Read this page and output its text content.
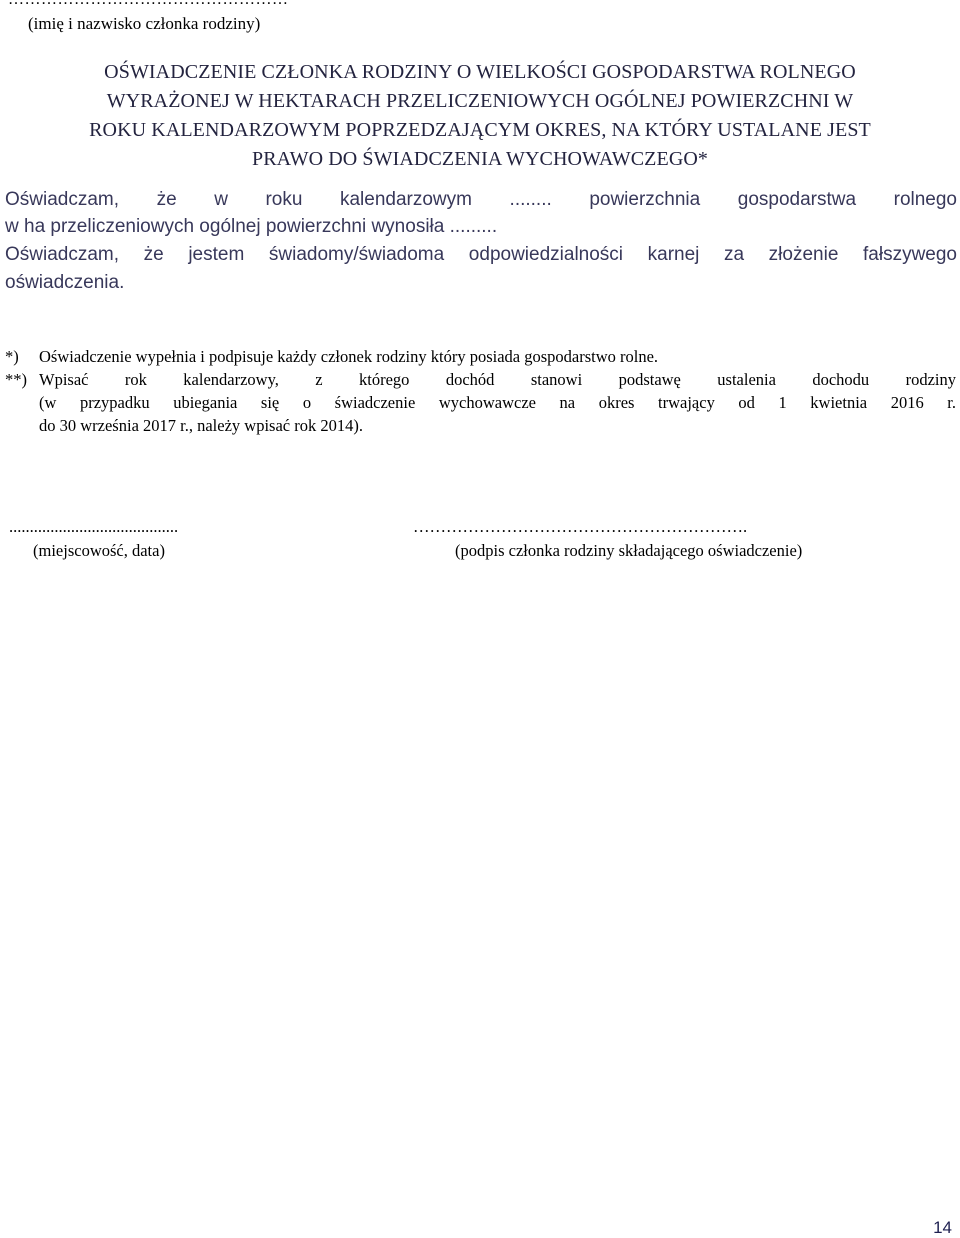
(imię i nazwisko członka rodziny)
OŚWIADCZENIE CZŁONKA RODZINY O WIELKOŚCI GOSPODARSTWA ROLNEGO
WYRAŻONEJ W HEKTARACH PRZELICZENIOWYCH OGÓLNEJ POWIERZCHNI W
ROKU KALENDARZOWYM POPRZEDZAJĄCYM OKRES, NA KTÓRY USTALANE JEST
PRAWO DO ŚWIADCZENIA WYCHOWAWCZEGO*
Oświadczam, że w roku kalendarzowym ........ powierzchnia gospodarstwa rolnego
w ha przeliczeniowych ogólnej powierzchni wynosiła .........
Oświadczam, że jestem świadomy/świadoma odpowiedzialności karnej za złożenie fałszywego
oświadczenia.
*) Oświadczenie wypełnia i podpisuje każdy członek rodziny który posiada gospodarstwo rolne.
**) Wpisać rok kalendarzowy, z którego dochód stanowi podstawę ustalenia dochodu rodziny
(w przypadku ubiegania się o świadczenie wychowawcze na okres trwający od 1 kwietnia 2016 r.
do 30 września 2017 r., należy wpisać rok 2014).
.........................................
(miejscowość, data)
…………………………………………………….
(podpis członka rodziny składającego oświadczenie)
14
